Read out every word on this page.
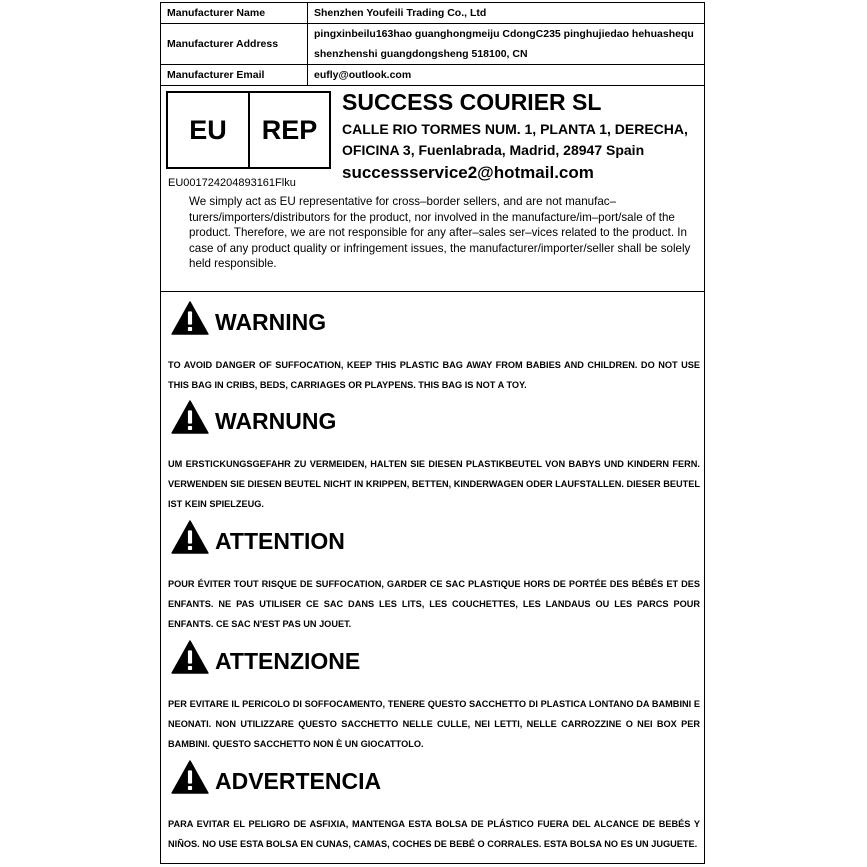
Manufacturer Name	Shenzhen Youfeili Trading Co., Ltd
Manufacturer Address	pingxinbeilu163hao guanghongmeiju CdongC235 pinghujiedao hehuashequ shenzhenshi guangdongsheng 518100, CN
Manufacturer Email	eufly@outlook.com
EU	REP
EU001724204893161Flku
SUCCESS COURIER SL
CALLE RIO TORMES NUM. 1, PLANTA 1, DERECHA, OFICINA 3, Fuenlabrada, Madrid, 28947 Spain
successservice2@hotmail.com
We simply act as EU representative for cross–border sellers, and are not manufac–turers/importers/distributors for the product, nor involved in the manufacture/im–port/sale of the product. Therefore, we are not responsible for any after–sales ser–vices related to the product. In case of any product quality or infringement issues, the manufacturer/importer/seller shall be solely held responsible.
WARNING
TO AVOID DANGER OF SUFFOCATION, KEEP THIS PLASTIC BAG AWAY FROM BABIES AND CHILDREN. DO NOT USE THIS BAG IN CRIBS, BEDS, CARRIAGES OR PLAYPENS. THIS BAG IS NOT A TOY.
WARNUNG
UM ERSTICKUNGSGEFAHR ZU VERMEIDEN, HALTEN SIE DIESEN PLASTIKBEUTEL VON BABYS UND KINDERN FERN. VERWENDEN SIE DIESEN BEUTEL NICHT IN KRIPPEN, BETTEN, KINDERWAGEN ODER LAUFSTALLEN. DIESER BEUTEL IST KEIN SPIELZEUG.
ATTENTION
POUR ÉVITER TOUT RISQUE DE SUFFOCATION, GARDER CE SAC PLASTIQUE HORS DE PORTÉE DES BÉBÉS ET DES ENFANTS. NE PAS UTILISER CE SAC DANS LES LITS, LES COUCHETTES, LES LANDAUS OU LES PARCS POUR ENFANTS. CE SAC N'EST PAS UN JOUET.
ATTENZIONE
PER EVITARE IL PERICOLO DI SOFFOCAMENTO, TENERE QUESTO SACCHETTO DI PLASTICA LONTANO DA BAMBINI E NEONATI. NON UTILIZZARE QUESTO SACCHETTO NELLE CULLE, NEI LETTI, NELLE CARROZZINE O NEI BOX PER BAMBINI. QUESTO SACCHETTO NON È UN GIOCATTOLO.
ADVERTENCIA
PARA EVITAR EL PELIGRO DE ASFIXIA, MANTENGA ESTA BOLSA DE PLÁSTICO FUERA DEL ALCANCE DE BEBÉS Y NIÑOS. NO USE ESTA BOLSA EN CUNAS, CAMAS, COCHES DE BEBÉ O CORRALES. ESTA BOLSA NO ES UN JUGUETE.
